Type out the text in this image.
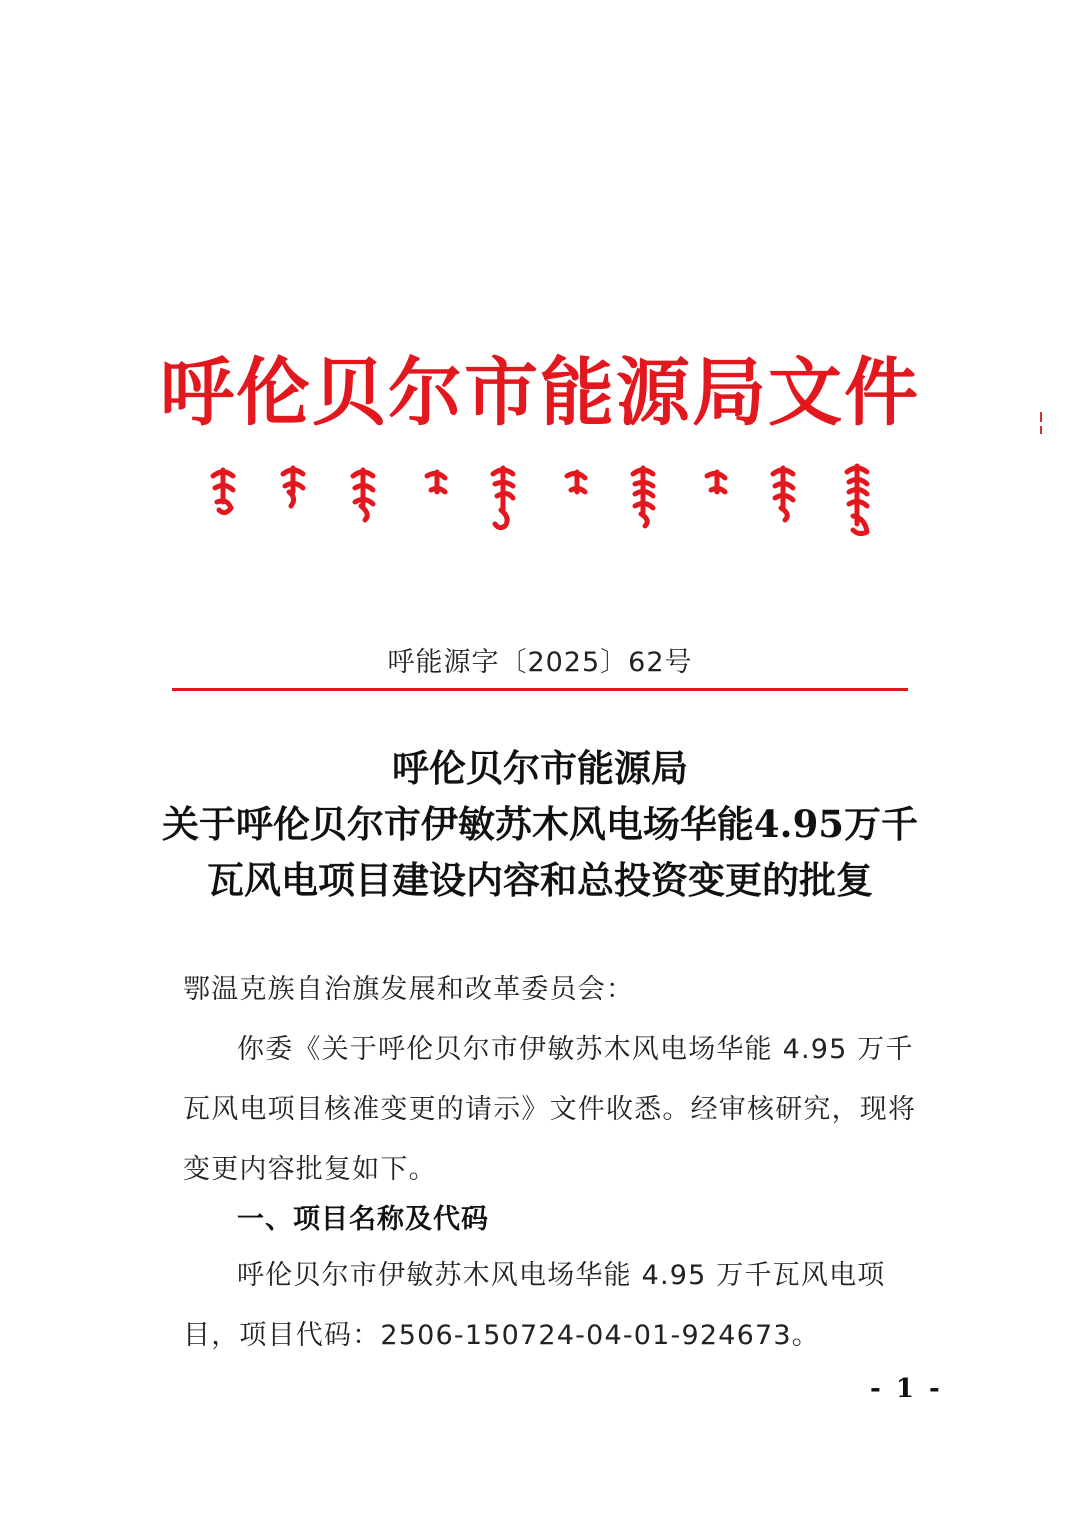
呼伦贝尔市能源局文件
呼能源字〔2025〕62号
呼伦贝尔市能源局
关于呼伦贝尔市伊敏苏木风电场华能4.95万千
瓦风电项目建设内容和总投资变更的批复
鄂温克族自治旗发展和改革委员会：
你委《关于呼伦贝尔市伊敏苏木风电场华能 4.95 万千瓦风电项目核准变更的请示》文件收悉。经审核研究，现将变更内容批复如下。
一、项目名称及代码
呼伦贝尔市伊敏苏木风电场华能 4.95 万千瓦风电项目，项目代码：2506-150724-04-01-924673。
- 1 -
